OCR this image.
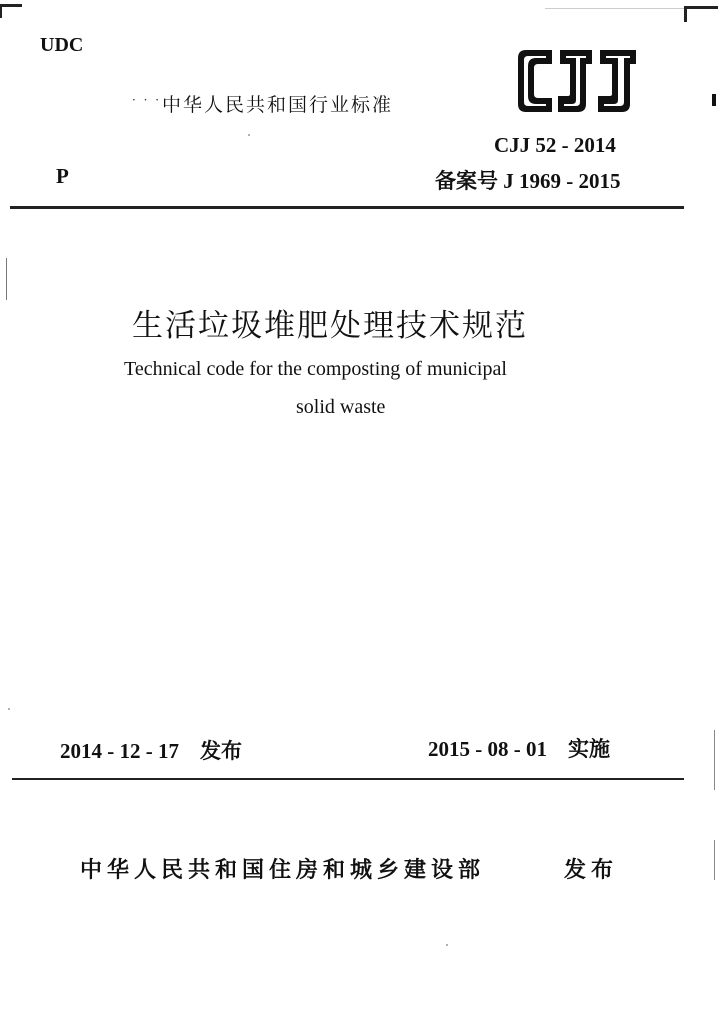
UDC
· · · 中华人民共和国行业标准
CJJ 52 - 2014
P	备案号 J 1969 - 2015
生活垃圾堆肥处理技术规范
Technical code for the composting of municipal
solid waste
2014 - 12 - 17　发布	2015 - 08 - 01　实施
中华人民共和国住房和城乡建设部	发布
